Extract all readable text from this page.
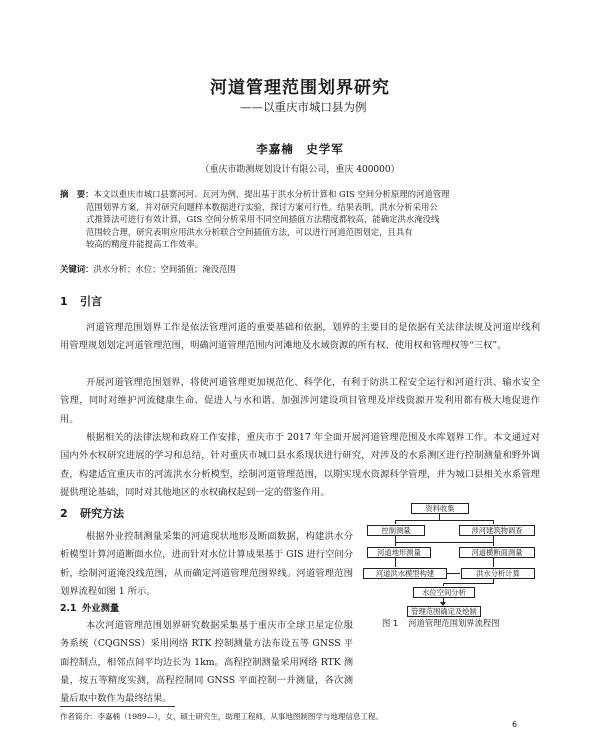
河道管理范围划界研究
——以重庆市城口县为例
李嘉楠　史学军
（重庆市勘测规划设计有限公司，重庆 400000）
摘　要：本文以重庆市城口县寨河河、瓦河为例，提出基于洪水分析计算和 GIS 空间分析原理的河道管理
范围划界方案，并对研究问题样本数据进行实验，探讨方案可行性。结果表明，洪水分析采用公
式推算法可进行有效计算，GIS 空间分析采用不同空间插值方法精度都较高，能确定洪水淹没线
范围较合理，研究表明应用洪水分析联合空间插值方法，可以进行河道范围划定，且具有
较高的精度并能提高工作效率。
关键词：洪水分析；水位；空间插值；淹没范围
1 引言
河道管理范围划界工作是依法管理河道的重要基础和依据，划界的主要目的是依据有关法律法规及河道岸线利用管理规划划定河道管理范围，明确河道管理范围内河滩地及水域资源的所有权、使用权和管理权等“三权”。
开展河道管理范围划界，将使河道管理更加规范化、科学化，有利于防洪工程安全运行和河道行洪、输水安全管理，同时对维护河流健康生命、促进人与水和谐、加强涉河建设项目管理及岸线资源开发利用都有极大地促进作用。
根据相关的法律法规和政府工作安排，重庆市于 2017 年全面开展河道管理范围及水库划界工作。本文通过对国内外水权研究进展的学习和总结，针对重庆市城口县水系现状进行研究，对涉及的水系测区进行控制测量和野外调查，构建适宜重庆市的河流洪水分析模型，绘制河道管理范围，以期实现水资源科学管理，并为城口县相关水系管理提供理论基础，同时对其他地区的水权确权起到一定的借鉴作用。
2 研究方法
根据外业控制测量采集的河道现状地形及断面数据，构建洪水分析模型计算河道断面水位，进而针对水位计算成果基于 GIS 进行空间分析，绘制河道淹没线范围，从而确定河道管理范围界线。河道管理范围划界流程如图 1 所示。
2.1 外业测量
本次河道管理范围划界研究数据采集基于重庆市全球卫星定位服务系统（CQGNSS）采用网络 RTK 控制测量方法布设五等 GNSS 平面控制点，相邻点间平均边长为 1km。高程控制测量采用网络 RTK 测量，按五等精度实测，高程控制同 GNSS 平面控制一并测量，各次测量后取中数作为最终结果。
资料收集
控制测量	涉河建筑物调查
河道地形测量	河道横断面测量
河道洪水模型构建	洪水分析计算
水位空间分析
管理范围确定及绘制
图 1 河道管理范围划界流程图
作者简介：李嘉楠（1989—），女，硕士研究生，助理工程师，从事地图制图学与地理信息工程。
6
